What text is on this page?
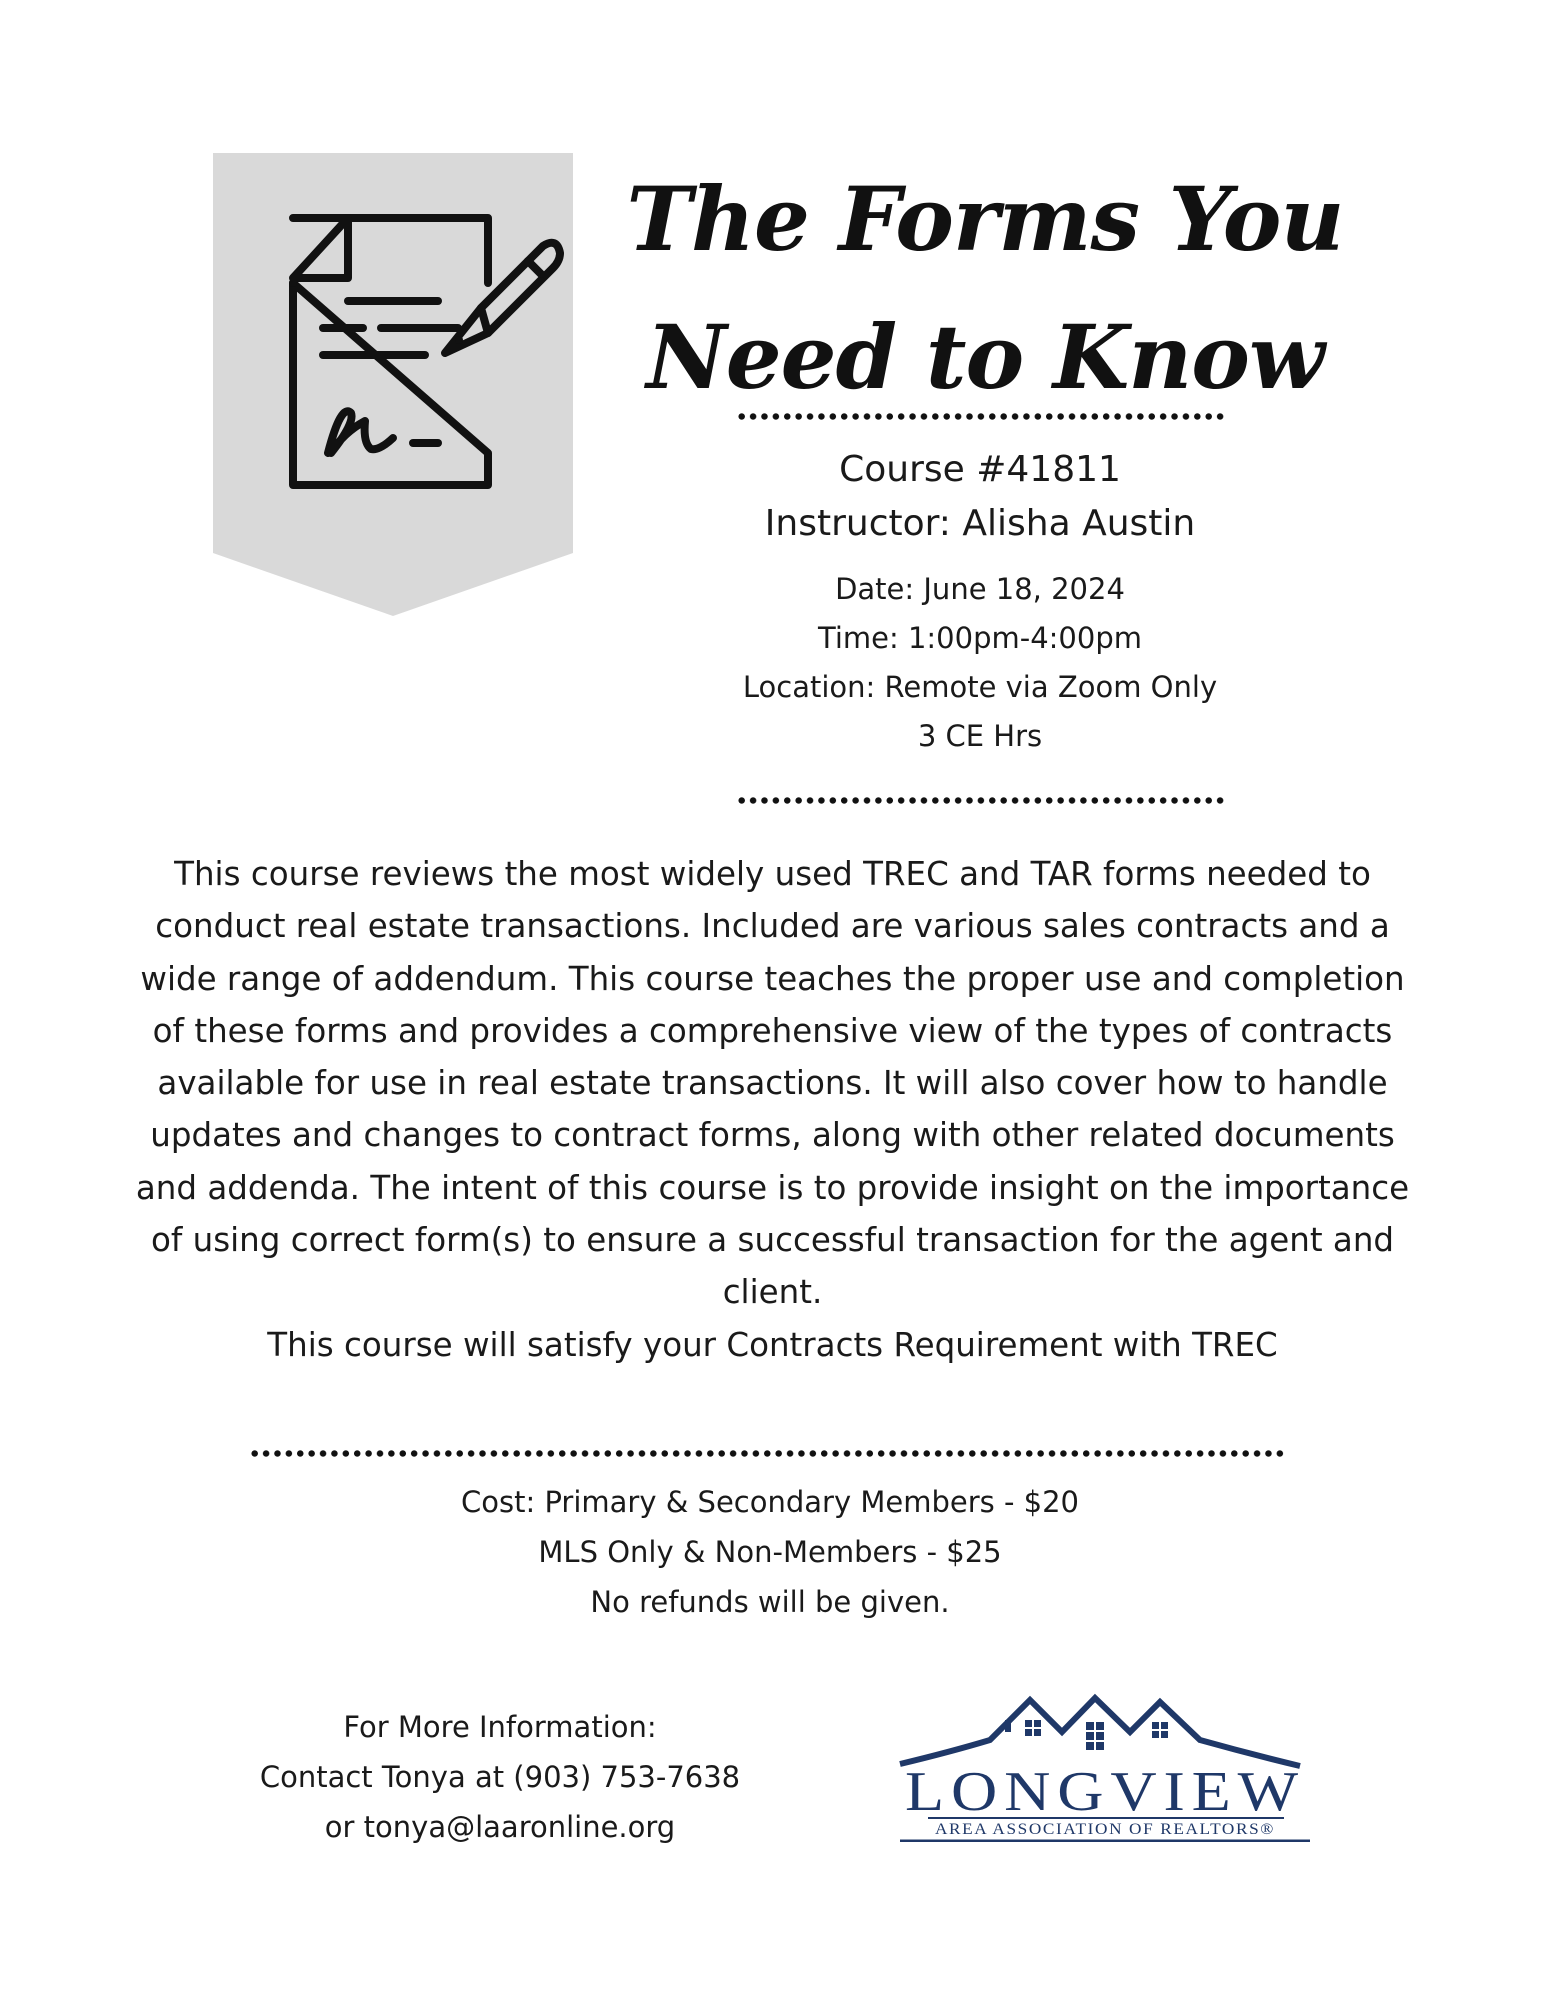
The Forms You
Need to Know
Course #41811
Instructor: Alisha Austin
Date: June 18, 2024
Time: 1:00pm-4:00pm
Location: Remote via Zoom Only
3 CE Hrs

This course reviews the most widely used TREC and TAR forms needed to conduct real estate transactions. Included are various sales contracts and a wide range of addendum. This course teaches the proper use and completion of these forms and provides a comprehensive view of the types of contracts available for use in real estate transactions. It will also cover how to handle updates and changes to contract forms, along with other related documents and addenda. The intent of this course is to provide insight on the importance of using correct form(s) to ensure a successful transaction for the agent and client.

This course will satisfy your Contracts Requirement with TREC

Cost: Primary & Secondary Members - $20
MLS Only & Non-Members - $25
No refunds will be given.
For More Information:
Contact Tonya at (903) 753-7638
or tonya@laaronline.org
LONGVIEW
AREA ASSOCIATION OF REALTORS®
